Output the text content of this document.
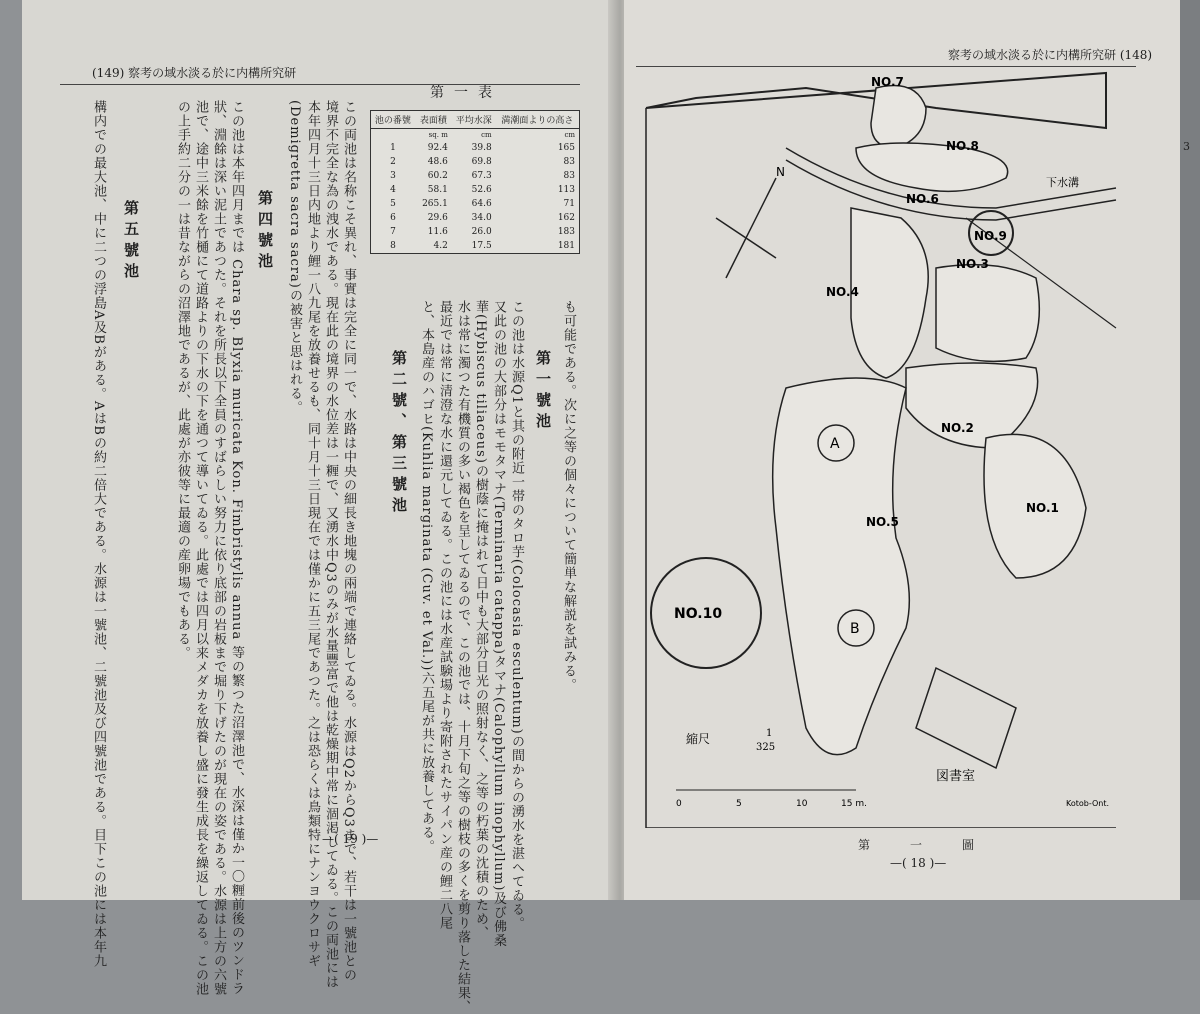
3
(149) 察考の域水淡る於に内構所究研
も可能である。次に之等の個々について簡単な解説を試みる。
第一號池
この池は水源Q1と其の附近一帯のタロ芋(Colocasia esculentum)の間からの湧水を湛へてゐる。
又此の池の大部分はモモタマナ(Terminaria catappa)タマナ(Calophyllum inophyllum)及び佛桑
華(Hybiscus tiliaceus)の樹蔭に掩はれて日中も大部分日光の照射なく、之等の朽葉の沈積のため、
水は常に濁つた有機質の多い褐色を呈してゐるので、この池では、十月下旬之等の樹枝の多くを剪り落した結果、
最近では常に清澄な水に還元してゐる。この池には水産試験場より寄附されたサイパン産の鯉二八尾
と、本島産のハゴヒ(Kuhlia marginata (Cuv. et Val.))六五尾が共に放養してある。
第二號、第三號池
第一表
池の番號	表面積	平均水深	満潮面よりの高さ
	sq. m	cm	cm
1	92.4	39.8	165
2	48.6	69.8	83
3	60.2	67.3	83
4	58.1	52.6	113
5	265.1	64.6	71
6	29.6	34.0	162
7	11.6	26.0	183
8	4.2	17.5	181
この両池は名称こそ異れ、事實は完全に同一で、水路は中央の細長き地塊の兩端で連絡してゐる。水源はQ2からQ3まで、若干は一號池との
境界不完全な為の洩水である。現在此の境界の水位差は一糎で、又湧水中Q3のみが水量豐富で他は乾燥期中常に涸渇してゐる。この両池には
本年四月十三日内地より鯉一八九尾を放養せるも、同十月十三日現在では僅かに五三尾であつた。之は恐らくは鳥類特にナンヨウクロサギ
(Demigretta sacra sacra)の被害と思はれる。
第四號池
この池は本年四月までは Chara sp. Blyxia muricata Kon. Fimbristylis annua 等の繁つた沼澤池で、水深は僅か一〇糎前後のツンドラ
狀、淵餘は深い泥土であつた。それを所長以下全員のすばらしい努力に依り底部の岩板まで堀り下げたのが現在の姿である。水源は上方の六號
池で、途中三米餘を竹樋にて道路よりの下水の下を通つて導いてゐる。此處では四月以来メダカを放養し盛に發生成長を繰返してゐる。この池
の上手約二分の一は昔ながらの沼澤地であるが、此處が亦彼等に最適の産卵場でもある。
第五號池
構内での最大池、中に二つの浮島A及Bがある。AはBの約二倍大である。水源は一號池、二號池及び四號池である。目下この池には本年九	—( 19 )—
察考の域水淡る於に内構所究研 (148)
NO.7
NO.8
NO.6
NO.9
NO.3
NO.4
NO.2
NO.1
NO.5
NO.10
A
B
N
下水溝
図書室
縮尺	1
325
0	5	10	15 m.	Kotob-Ont.
第一圖
—( 18 )—
